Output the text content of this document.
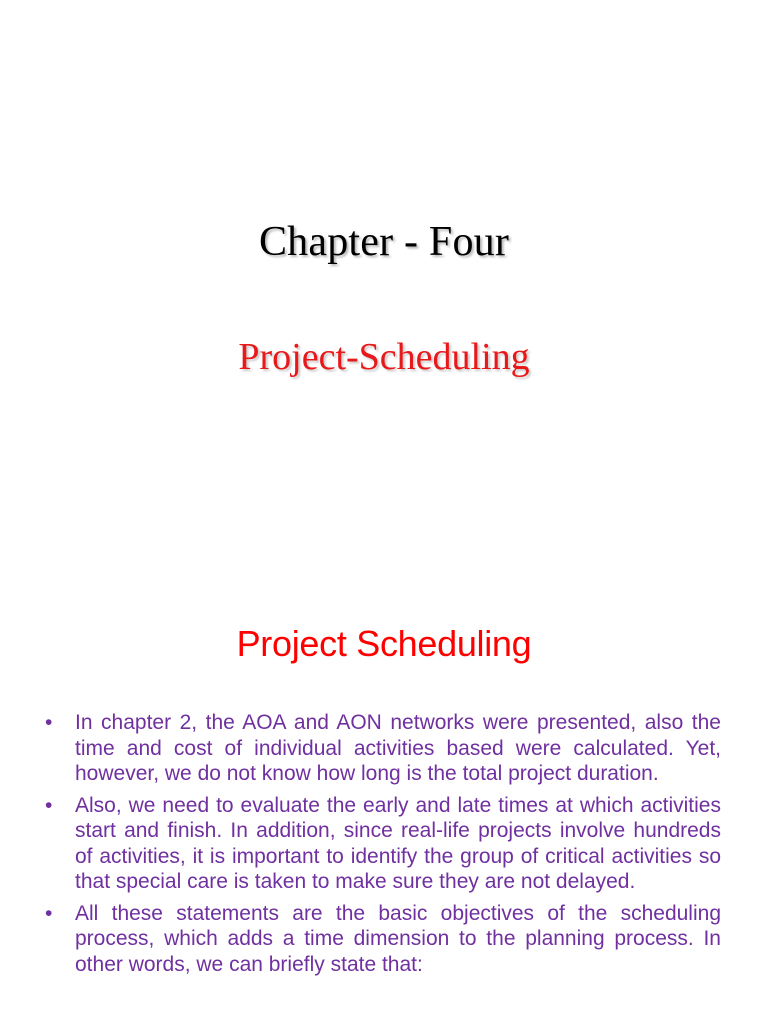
Chapter - Four
Project-Scheduling
Project Scheduling
• In chapter 2, the AOA and AON networks were presented, also the time and cost of individual activities based were calculated. Yet, however, we do not know how long is the total project duration.
• Also, we need to evaluate the early and late times at which activities start and finish. In addition, since real-life projects involve hundreds of activities, it is important to identify the group of critical activities so that special care is taken to make sure they are not delayed.
• All these statements are the basic objectives of the scheduling process, which adds a time dimension to the planning process. In other words, we can briefly state that:
